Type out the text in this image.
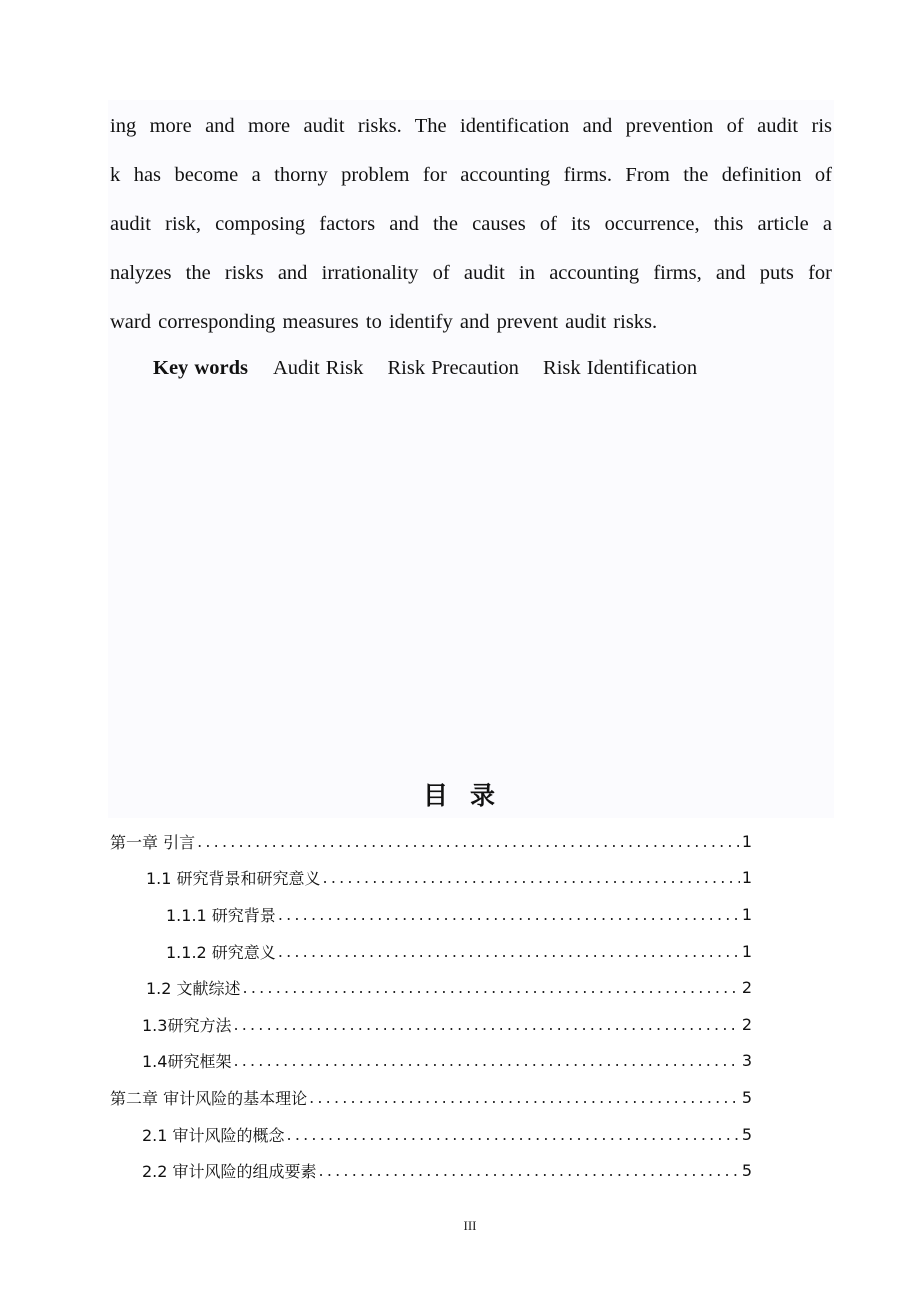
ing more and more audit risks. The identification and prevention of audit ris
k has become a thorny problem for accounting firms. From the definition of
audit risk, composing factors and the causes of its occurrence, this article a
nalyzes the risks and irrationality of audit in accounting firms, and puts for
ward corresponding measures to identify and prevent audit risks.
Key words Audit Risk Risk Precaution Risk Identification
目录
第一章 引言 .....	1
1.1 研究背景和研究意义 .....	1
1.1.1 研究背景 .....	1
1.1.2 研究意义 .....	1
1.2 文献综述 .....	2
1.3研究方法 .....	2
1.4研究框架 .....	3
第二章 审计风险的基本理论 .....	5
2.1 审计风险的概念 .....	5
2.2 审计风险的组成要素 .....	5
III
